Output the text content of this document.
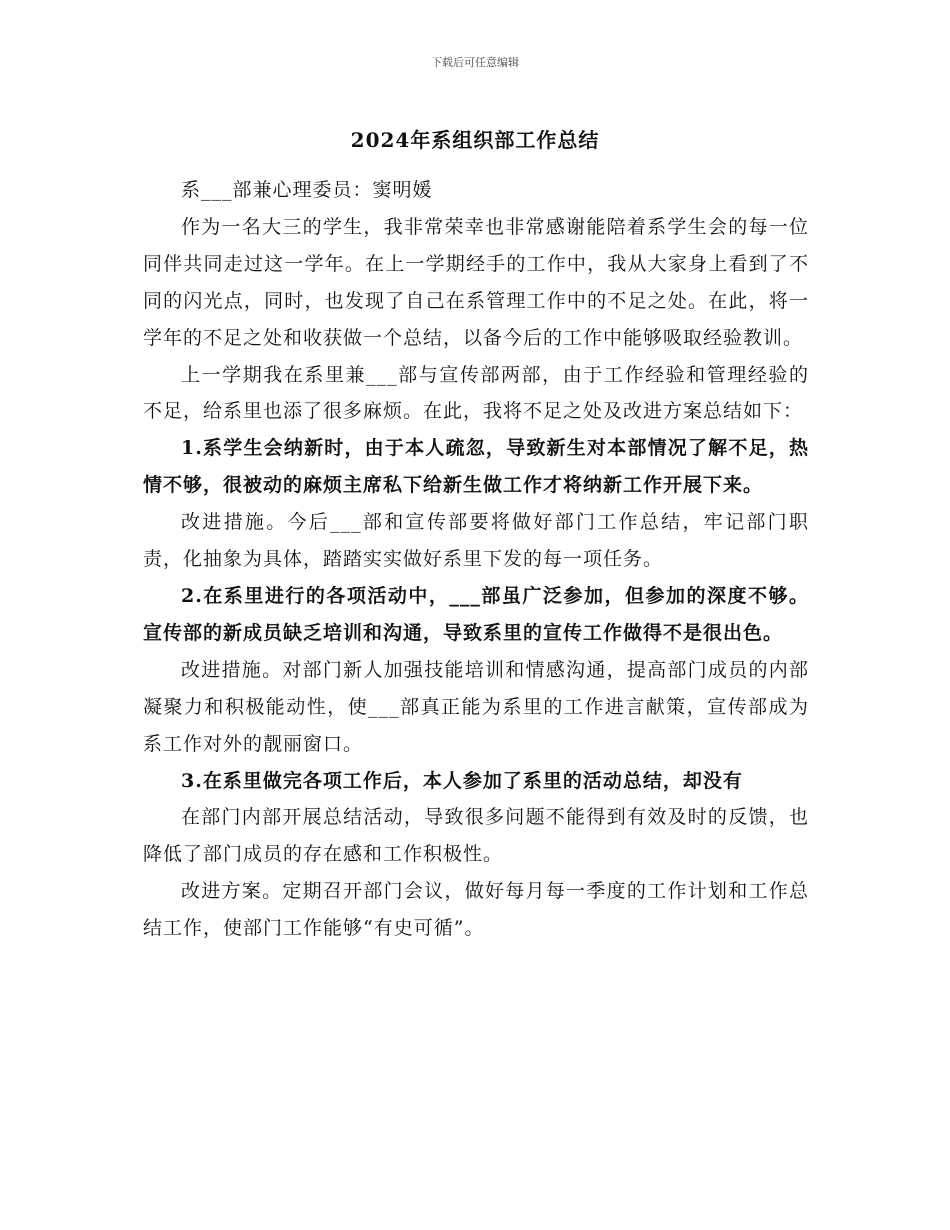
下载后可任意编辑
2024年系组织部工作总结

系___部兼心理委员：窦明媛

作为一名大三的学生，我非常荣幸也非常感谢能陪着系学生会的每一位同伴共同走过这一学年。在上一学期经手的工作中，我从大家身上看到了不同的闪光点，同时，也发现了自己在系管理工作中的不足之处。在此，将一学年的不足之处和收获做一个总结，以备今后的工作中能够吸取经验教训。

上一学期我在系里兼___部与宣传部两部，由于工作经验和管理经验的不足，给系里也添了很多麻烦。在此，我将不足之处及改进方案总结如下：

1.系学生会纳新时，由于本人疏忽，导致新生对本部情况了解不足，热情不够，很被动的麻烦主席私下给新生做工作才将纳新工作开展下来。

改进措施。今后___部和宣传部要将做好部门工作总结，牢记部门职责，化抽象为具体，踏踏实实做好系里下发的每一项任务。

2.在系里进行的各项活动中，___部虽广泛参加，但参加的深度不够。宣传部的新成员缺乏培训和沟通，导致系里的宣传工作做得不是很出色。

改进措施。对部门新人加强技能培训和情感沟通，提高部门成员的内部凝聚力和积极能动性，使___部真正能为系里的工作进言献策，宣传部成为系工作对外的靓丽窗口。

3.在系里做完各项工作后，本人参加了系里的活动总结，却没有

在部门内部开展总结活动，导致很多问题不能得到有效及时的反馈，也降低了部门成员的存在感和工作积极性。

改进方案。定期召开部门会议，做好每月每一季度的工作计划和工作总结工作，使部门工作能够“有史可循”。
